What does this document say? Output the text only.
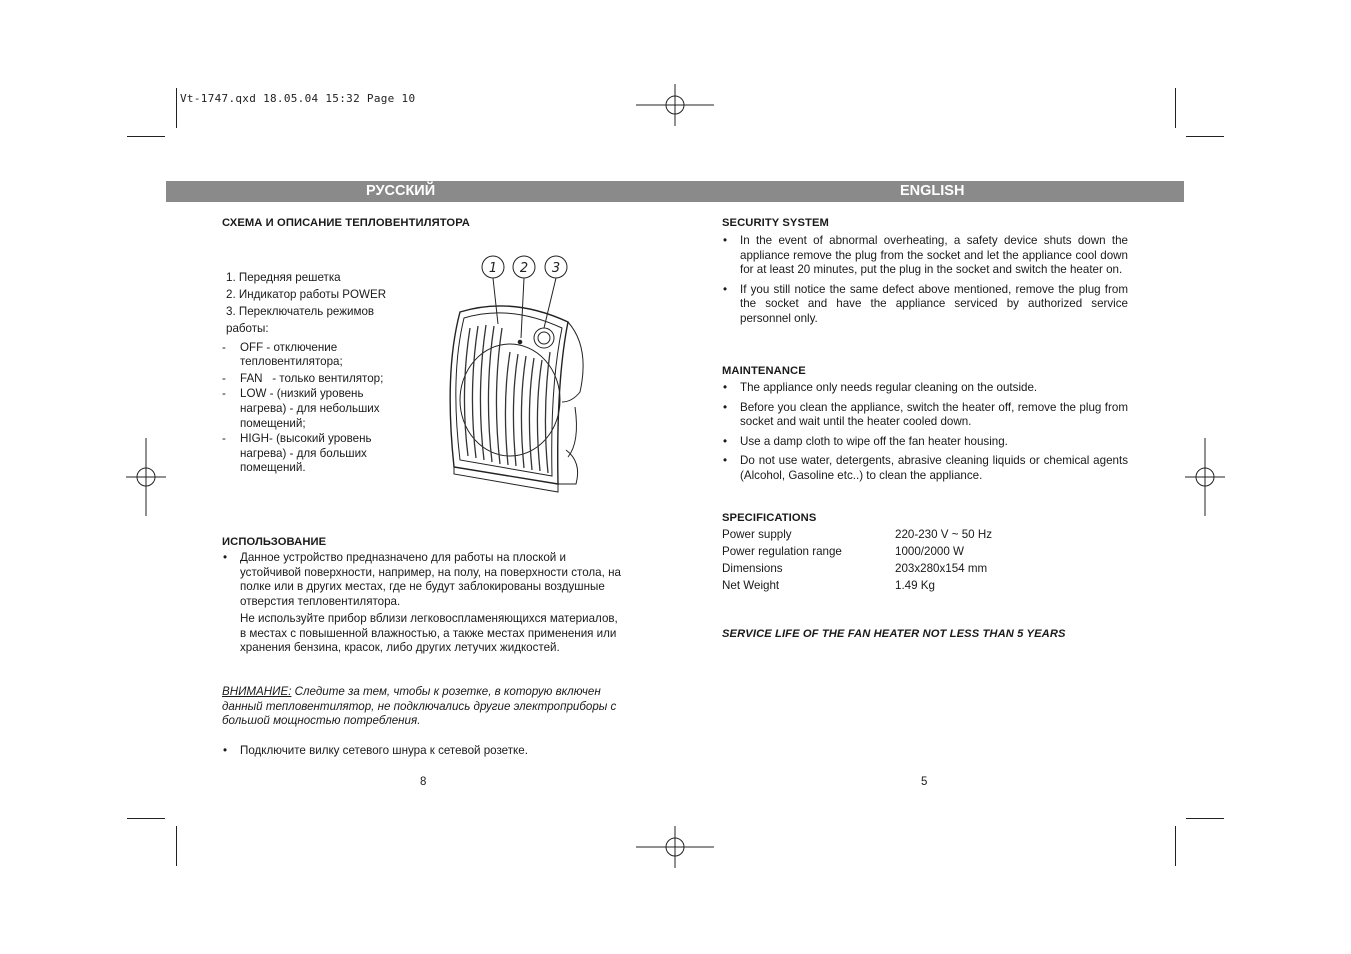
Vt-1747.qxd 18.05.04 15:32 Page 10
РУССКИЙ	ENGLISH
СХЕМА И ОПИСАНИЕ ТЕПЛОВЕНТИЛЯТОРА
1. Передняя решетка
2. Индикатор работы POWER
3. Переключатель режимов
работы:
-	OFF - отключение тепловентилятора;
-	FAN   - только вентилятор;
-	LOW - (низкий уровень нагрева) - для небольших помещений;
-	HIGH- (высокий уровень нагрева) - для больших помещений.
1 2 3
ИСПОЛЬЗОВАНИЕ
• Данное устройство предназначено для работы на плоской и устойчивой поверхности, например, на полу, на поверхности стола, на полке или в других местах, где не будут заблокированы воздушные отверстия тепловентилятора.

Не используйте прибор вблизи легковоспламеняющихся материалов, в местах с повышенной влажностью, а также местах применения или хранения бензина, красок, либо других летучих жидкостей.

ВНИМАНИЕ: Следите за тем, чтобы к розетке, в которую включен данный тепловентилятор, не подключались другие электроприборы с большой мощностью потребления.

• Подключите вилку сетевого шнура к сетевой розетке.
8
SECURITY SYSTEM
• In the event of abnormal overheating, a safety device shuts down the appliance remove the plug from the socket and let the appliance cool down for at least 20 minutes, put the plug in the socket and switch the heater on.
• If you still notice the same defect above mentioned, remove the plug from the socket and have the appliance serviced by authorized service personnel only.
MAINTENANCE
• The appliance only needs regular cleaning on the outside.
• Before you clean the appliance, switch the heater off, remove the plug from socket and wait until the heater cooled down.
• Use a damp cloth to wipe off the fan heater housing.
• Do not use water, detergents, abrasive cleaning liquids or chemical agents (Alcohol, Gasoline etc..) to clean the appliance.
SPECIFICATIONS
Power supply	220-230 V ~ 50 Hz
Power regulation range	1000/2000 W
Dimensions	203x280x154 mm
Net Weight	1.49 Kg
SERVICE LIFE OF THE FAN HEATER NOT LESS THAN 5 YEARS
5
